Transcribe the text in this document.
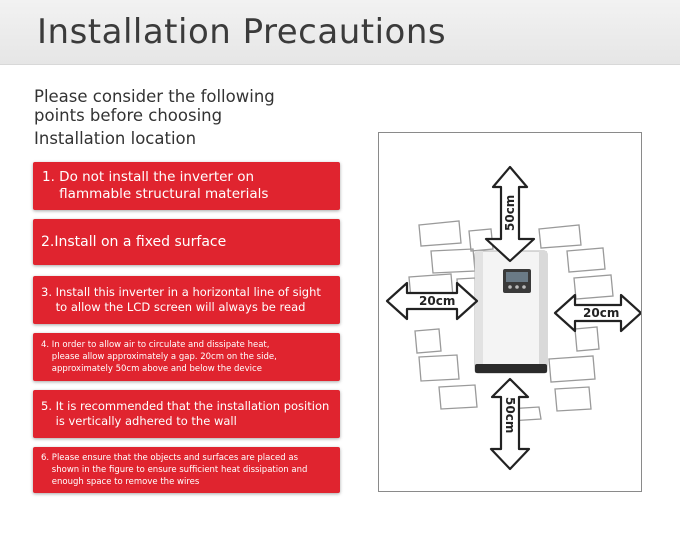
Installation Precautions
Please consider the following
points before choosing
Installation location
1. Do not install the inverter on
flammable structural materials
2.Install on a fixed surface
3. Install this inverter in a horizontal line of sight
to allow the LCD screen will always be read
4. In order to allow air to circulate and dissipate heat,
please allow approximately a gap. 20cm on the side,
approximately 50cm above and below the device
5. It is recommended that the installation position
is vertically adhered to the wall
6. Please ensure that the objects and surfaces are placed as
shown in the figure to ensure sufficient heat dissipation and
enough space to remove the wires
50cm
50cm
20cm
20cm
